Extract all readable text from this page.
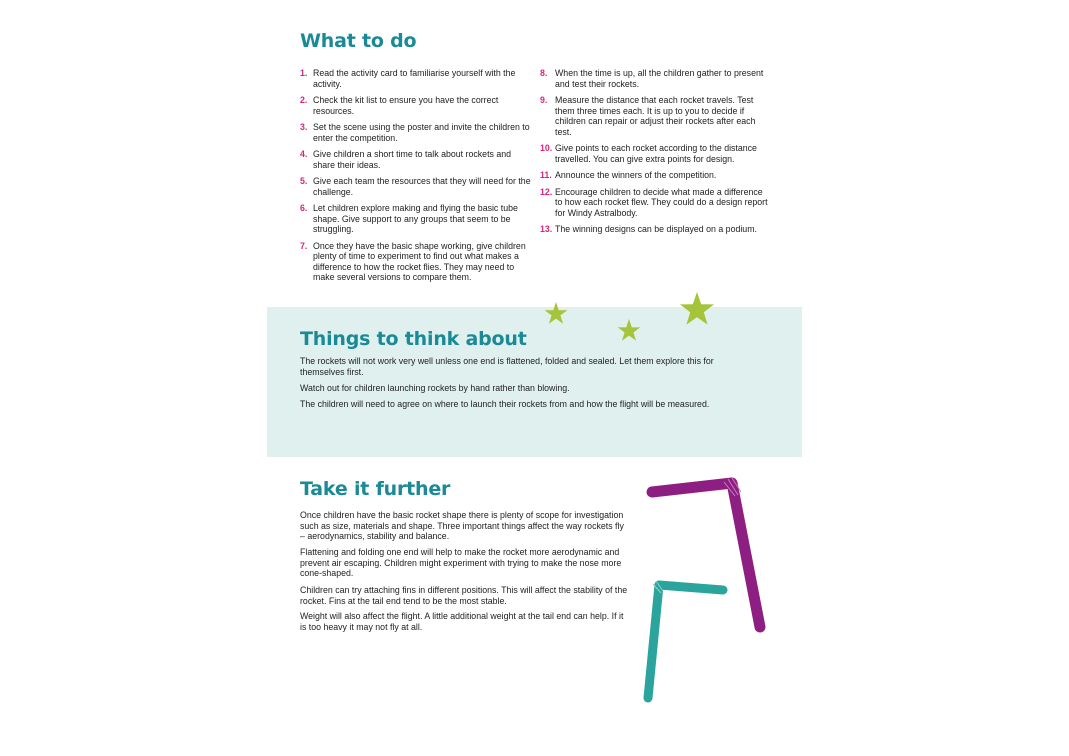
What to do
1. Read the activity card to familiarise yourself with the activity.
2. Check the kit list to ensure you have the correct resources.
3. Set the scene using the poster and invite the children to enter the competition.
4. Give children a short time to talk about rockets and share their ideas.
5. Give each team the resources that they will need for the challenge.
6. Let children explore making and flying the basic tube shape. Give support to any groups that seem to be struggling.
7. Once they have the basic shape working, give children plenty of time to experiment to find out what makes a difference to how the rocket flies. They may need to make several versions to compare them.
8. When the time is up, all the children gather to present and test their rockets.
9. Measure the distance that each rocket travels. Test them three times each. It is up to you to decide if children can repair or adjust their rockets after each test.
10. Give points to each rocket according to the distance travelled. You can give extra points for design.
11. Announce the winners of the competition.
12. Encourage children to decide what made a difference to how each rocket flew. They could do a design report for Windy Astralbody.
13. The winning designs can be displayed on a podium.
Things to think about

The rockets will not work very well unless one end is flattened, folded and sealed. Let them explore this for themselves first.

Watch out for children launching rockets by hand rather than blowing.

The children will need to agree on where to launch their rockets from and how the flight will be measured.

Take it further

Once children have the basic rocket shape there is plenty of scope for investigation such as size, materials and shape. Three important things affect the way rockets fly – aerodynamics, stability and balance.

Flattening and folding one end will help to make the rocket more aerodynamic and prevent air escaping. Children might experiment with trying to make the nose more cone-shaped.

Children can try attaching fins in different positions. This will affect the stability of the rocket. Fins at the tail end tend to be the most stable.

Weight will also affect the flight. A little additional weight at the tail end can help. If it is too heavy it may not fly at all.
